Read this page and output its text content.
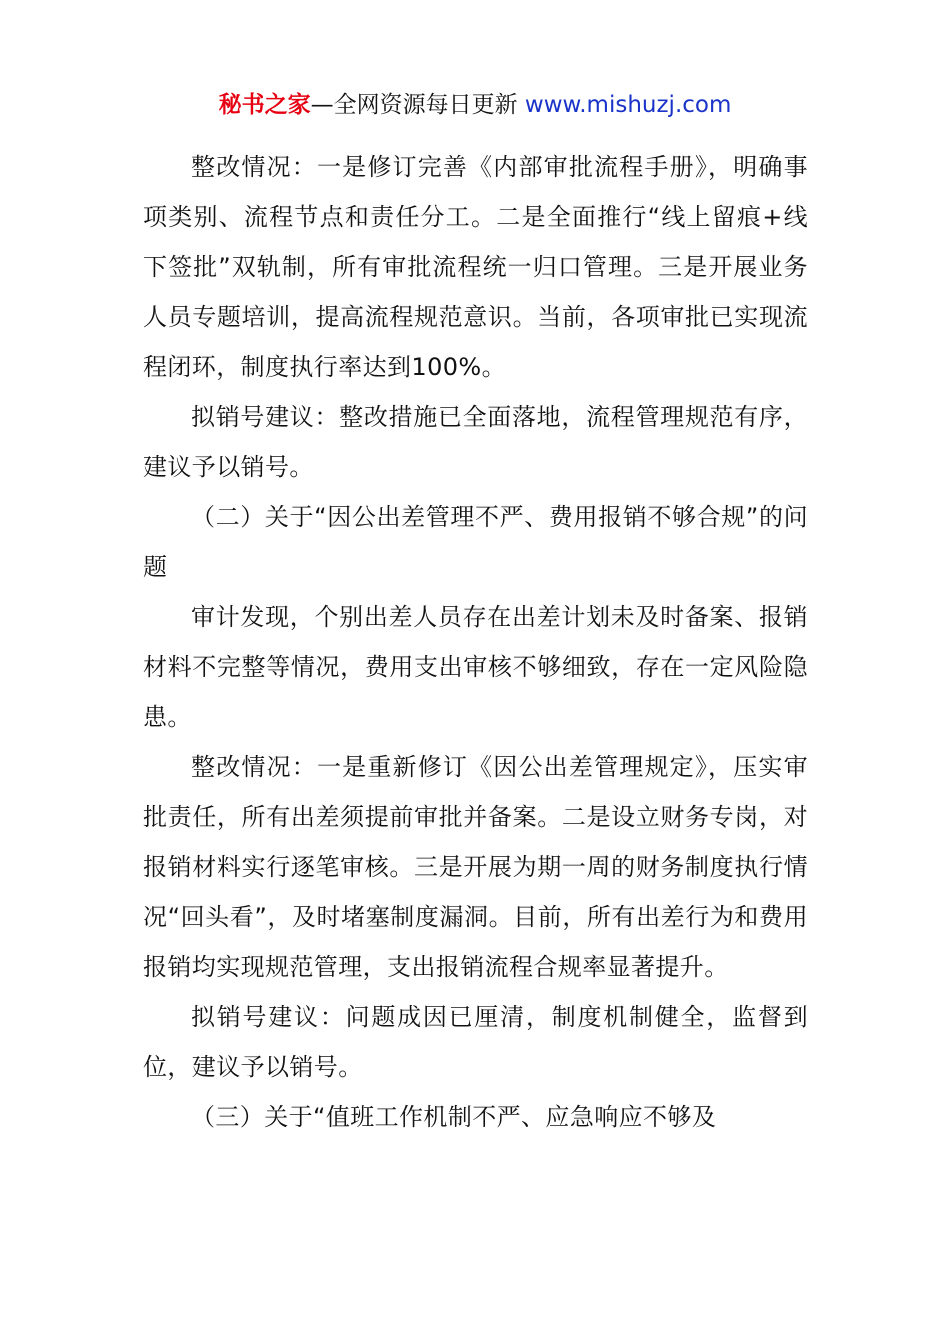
秘书之家—全网资源每日更新 www.mishuzj.com

整改情况：一是修订完善《内部审批流程手册》，明确事项类别、流程节点和责任分工。二是全面推行“线上留痕+线下签批”双轨制，所有审批流程统一归口管理。三是开展业务人员专题培训，提高流程规范意识。当前，各项审批已实现流程闭环，制度执行率达到100%。

拟销号建议：整改措施已全面落地，流程管理规范有序，建议予以销号。

（二）关于“因公出差管理不严、费用报销不够合规”的问题

审计发现，个别出差人员存在出差计划未及时备案、报销材料不完整等情况，费用支出审核不够细致，存在一定风险隐患。

整改情况：一是重新修订《因公出差管理规定》，压实审批责任，所有出差须提前审批并备案。二是设立财务专岗，对报销材料实行逐笔审核。三是开展为期一周的财务制度执行情况“回头看”，及时堵塞制度漏洞。目前，所有出差行为和费用报销均实现规范管理，支出报销流程合规率显著提升。

拟销号建议：问题成因已厘清，制度机制健全，监督到位，建议予以销号。

（三）关于“值班工作机制不严、应急响应不够及
